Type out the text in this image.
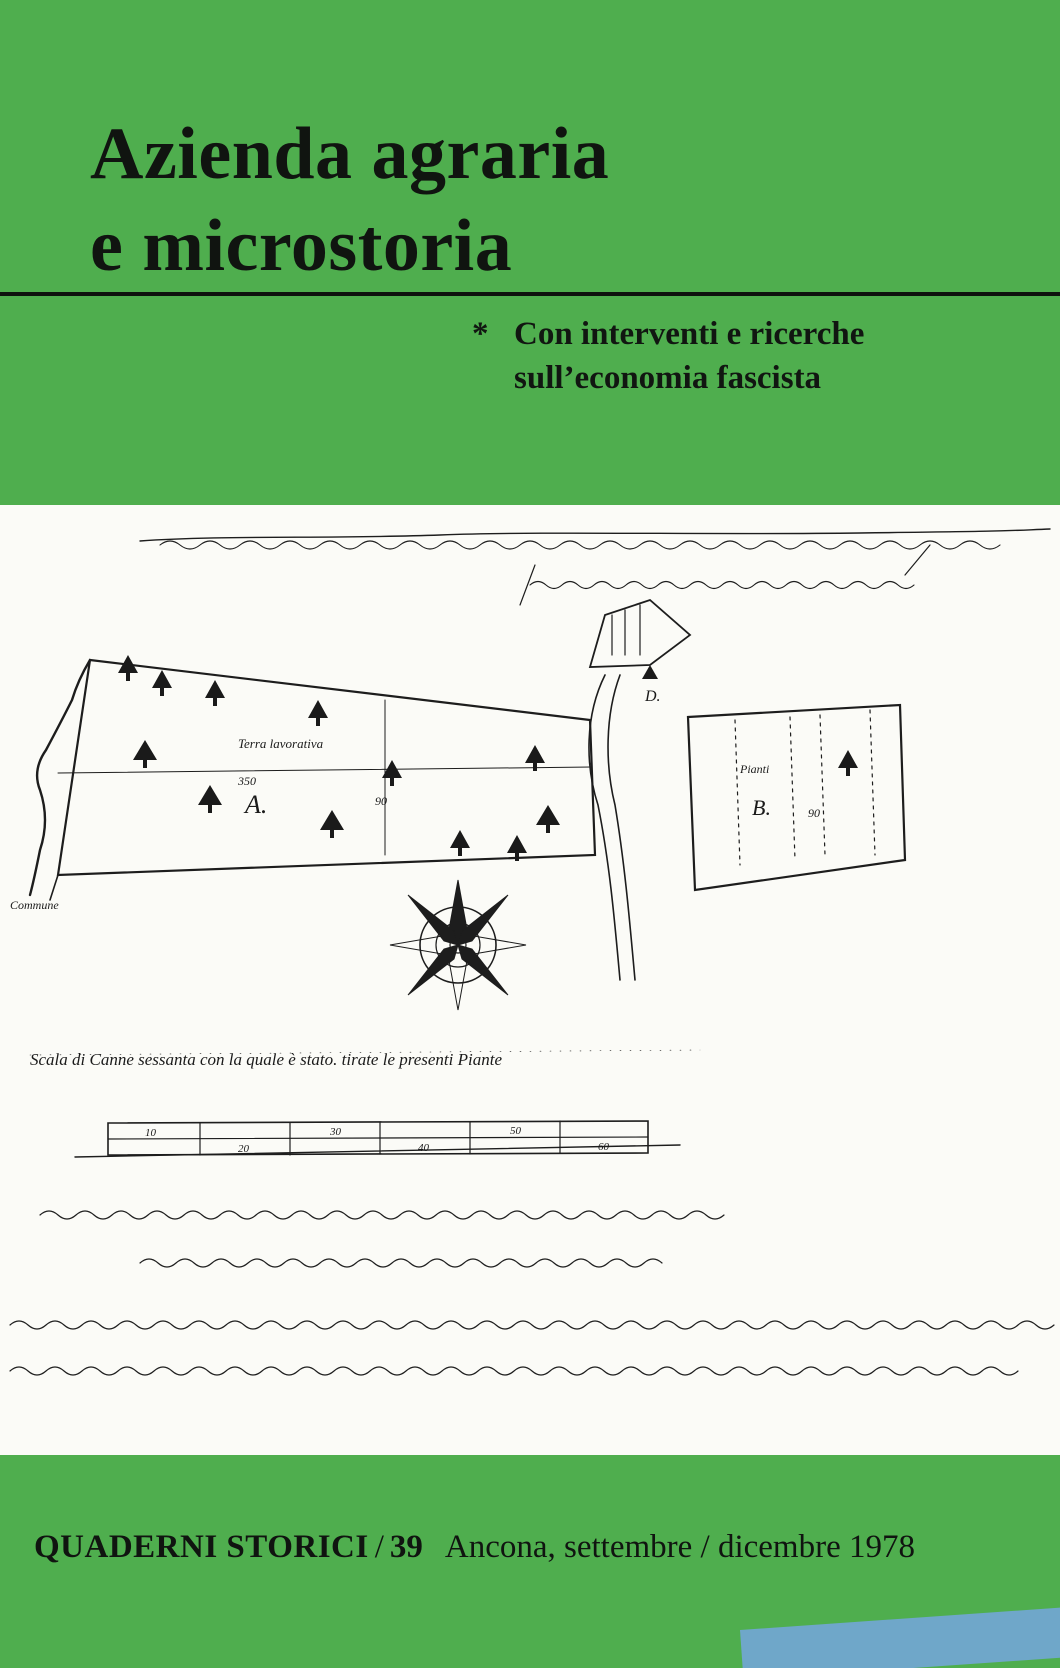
Azienda agraria
e microstoria
* Con interventi e ricerche
sull’economia fascista
A.	B.
D.
Terra lavorativa
Pianti
350
90
90
Commune
Scala di Canne sessanta con la quale è stato. tirate le presenti Piante
10	30	50
20	40	60
QUADERNI STORICI / 39 Ancona, settembre / dicembre 1978
